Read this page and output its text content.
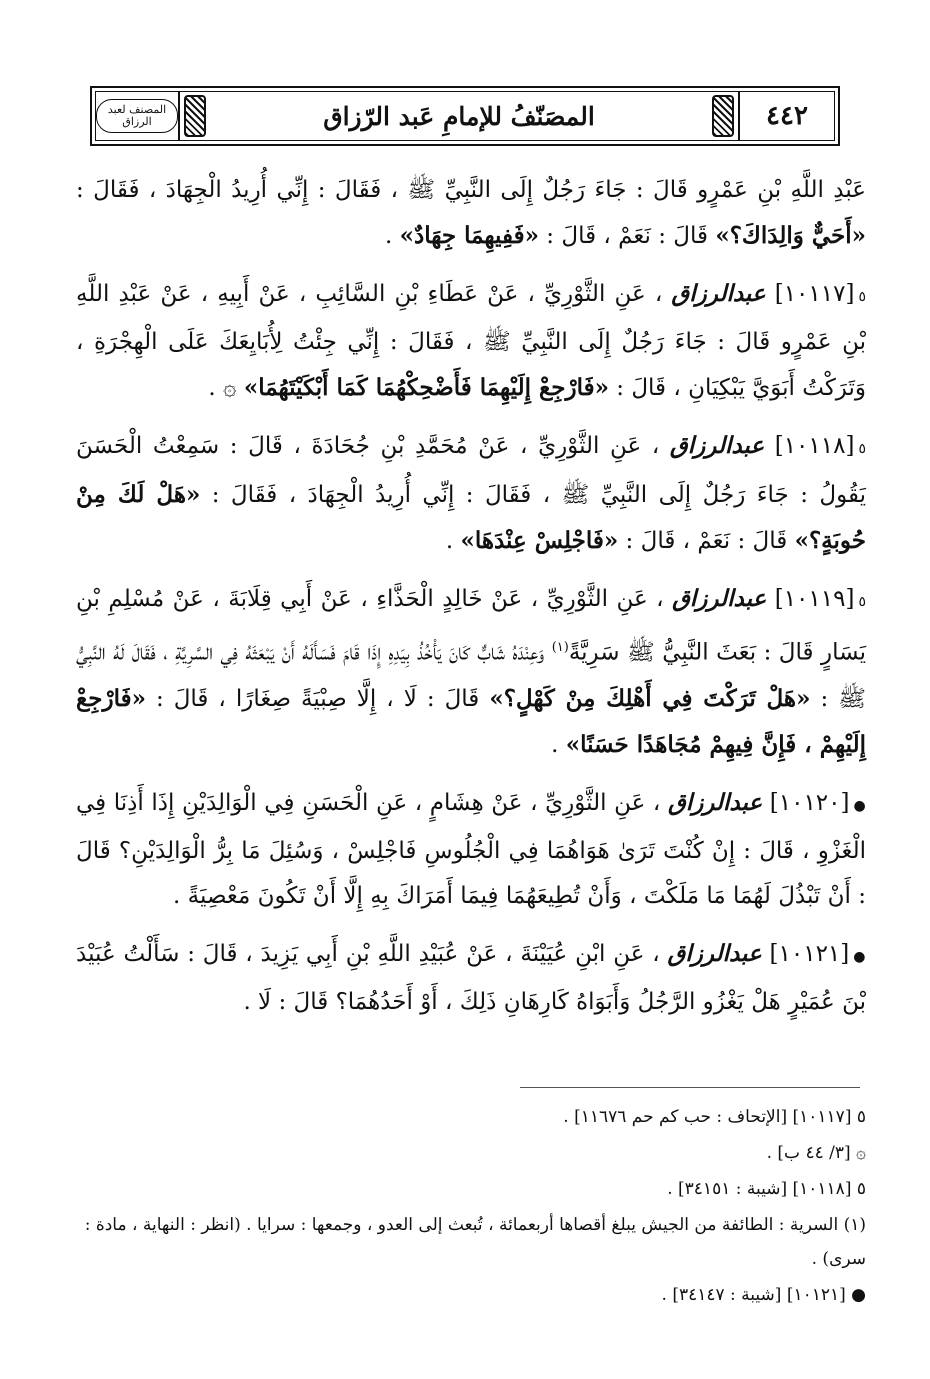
المصنف لعبد الرزاق	المصَنّفُ للإمامِ عَبد الرّزاق	٤٤٢

عَبْدِ اللَّهِ بْنِ عَمْرٍو قَالَ : جَاءَ رَجُلٌ إِلَى النَّبِيِّ ﷺ ، فَقَالَ : إِنِّي أُرِيدُ الْجِهَادَ ، فَقَالَ : «أَحَيٌّ وَالِدَاكَ؟» قَالَ : نَعَمْ ، قَالَ : «فَفِيهِمَا جِهَادٌ» .

٥[١٠١١٧] عبدالرزاق ، عَنِ الثَّوْرِيِّ ، عَنْ عَطَاءِ بْنِ السَّائِبِ ، عَنْ أَبِيهِ ، عَنْ عَبْدِ اللَّهِ بْنِ عَمْرٍو قَالَ : جَاءَ رَجُلٌ إِلَى النَّبِيِّ ﷺ ، فَقَالَ : إِنِّي جِئْتُ لِأُبَايِعَكَ عَلَى الْهِجْرَةِ ، وَتَرَكْتُ أَبَوَيَّ يَبْكِيَانِ ، قَالَ : «فَارْجِعْ إِلَيْهِمَا فَأَضْحِكْهُمَا كَمَا أَبْكَيْتَهُمَا» ۞ .

٥[١٠١١٨] عبدالرزاق ، عَنِ الثَّوْرِيِّ ، عَنْ مُحَمَّدِ بْنِ جُحَادَةَ ، قَالَ : سَمِعْتُ الْحَسَنَ يَقُولُ : جَاءَ رَجُلٌ إِلَى النَّبِيِّ ﷺ ، فَقَالَ : إِنِّي أُرِيدُ الْجِهَادَ ، فَقَالَ : «هَلْ لَكَ مِنْ حُوبَةٍ؟» قَالَ : نَعَمْ ، قَالَ : «فَاجْلِسْ عِنْدَهَا» .

٥[١٠١١٩] عبدالرزاق ، عَنِ الثَّوْرِيِّ ، عَنْ خَالِدٍ الْحَذَّاءِ ، عَنْ أَبِي قِلَابَةَ ، عَنْ مُسْلِمِ بْنِ يَسَارٍ قَالَ : بَعَثَ النَّبِيُّ ﷺ سَرِيَّةً$^{(١)}$ وَعِنْدَهُ شَابٌّ كَانَ يَأْخُذُ بِيَدِهِ إِذَا قَامَ فَسَأَلَهُ أَنْ يَبْعَثَهُ فِي السَّرِيَّةِ ، فَقَالَ لَهُ النَّبِيُّ ﷺ : «هَلْ تَرَكْتَ فِي أَهْلِكَ مِنْ كَهْلٍ؟» قَالَ : لَا ، إِلَّا صِبْيَةً صِغَارًا ، قَالَ : «فَارْجِعْ إِلَيْهِمْ ، فَإِنَّ فِيهِمْ مُجَاهَدًا حَسَنًا» .

●[١٠١٢٠] عبدالرزاق ، عَنِ الثَّوْرِيِّ ، عَنْ هِشَامٍ ، عَنِ الْحَسَنِ فِي الْوَالِدَيْنِ إِذَا أَذِنَا فِي الْغَزْوِ ، قَالَ : إِنْ كُنْتَ تَرَىٰ هَوَاهُمَا فِي الْجُلُوسِ فَاجْلِسْ ، وَسُئِلَ مَا بِرُّ الْوَالِدَيْنِ؟ قَالَ : أَنْ تَبْذُلَ لَهُمَا مَا مَلَكْتَ ، وَأَنْ تُطِيعَهُمَا فِيمَا أَمَرَاكَ بِهِ إِلَّا أَنْ تَكُونَ مَعْصِيَةً .

●[١٠١٢١] عبدالرزاق ، عَنِ ابْنِ عُيَيْنَةَ ، عَنْ عُبَيْدِ اللَّهِ بْنِ أَبِي يَزِيدَ ، قَالَ : سَأَلْتُ عُبَيْدَ بْنَ عُمَيْرٍ هَلْ يَغْزُو الرَّجُلُ وَأَبَوَاهُ كَارِهَانِ ذَلِكَ ، أَوْ أَحَدُهُمَا؟ قَالَ : لَا .

٥ [١٠١١٧] [الإتحاف : حب كم حم ١١٦٧٦] .

۞ [٣/ ٤٤ ب] .

٥ [١٠١١٨] [شيبة : ٣٤١٥١] .

(١) السرية : الطائفة من الجيش يبلغ أقصاها أربعمائة ، تُبعث إلى العدو ، وجمعها : سرايا . (انظر : النهاية ، مادة : سرى) .

● [١٠١٢١] [شيبة : ٣٤١٤٧] .
